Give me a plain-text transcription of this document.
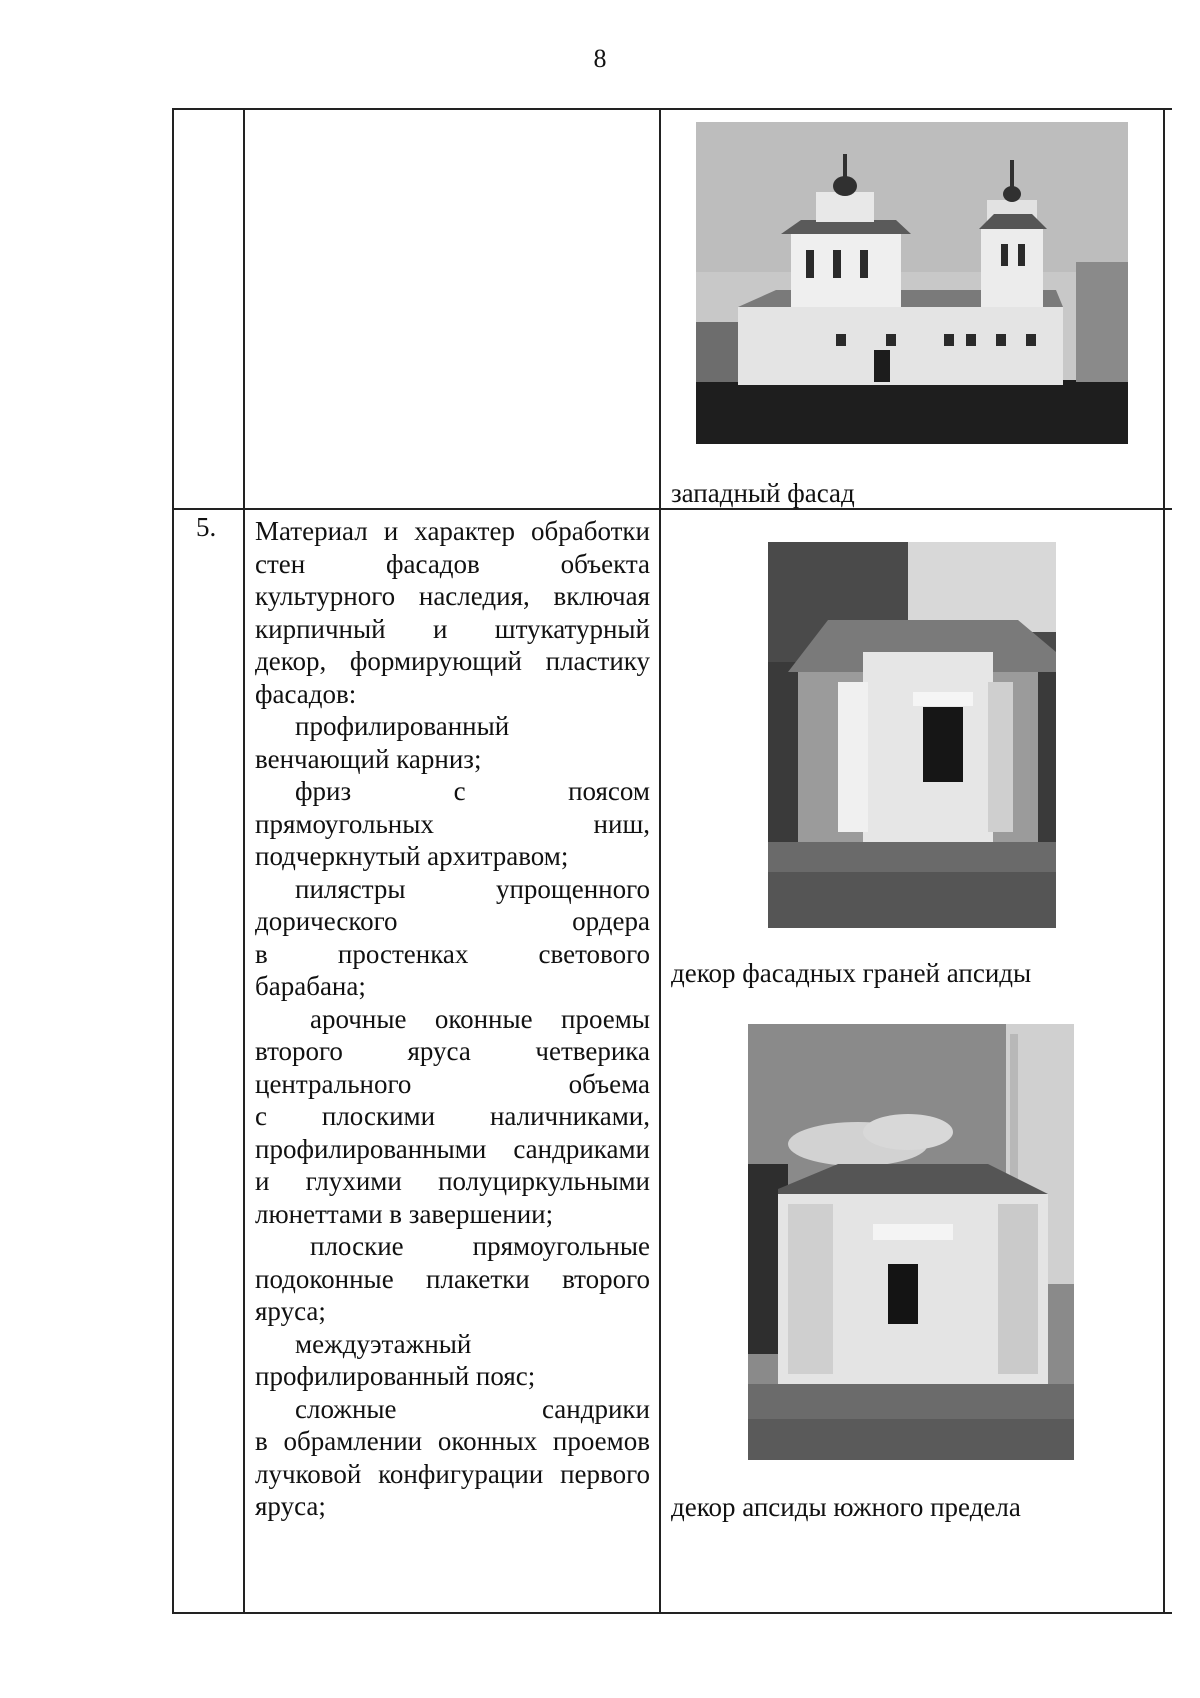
8
западный фасад
5. Материал и характер обработки

стен фасадов объекта

культурного наследия, включая

кирпичный и штукатурный

декор, формирующий пластику

фасадов:

профилированный

венчающий карниз;

фриз с поясом

прямоугольных ниш,

подчеркнутый архитравом;

пилястры упрощенного

дорического ордера

в простенках светового

барабана;

арочные оконные проемы

второго яруса четверика

центрального объема

с плоскими наличниками,

профилированными сандриками

и глухими полуциркульными

люнеттами в завершении;

плоские прямоугольные

подоконные плакетки второго

яруса;

междуэтажный

профилированный пояс;

сложные сандрики

в обрамлении оконных проемов

лучковой конфигурации первого

яруса;

декор фасадных граней апсиды
декор апсиды южного предела
